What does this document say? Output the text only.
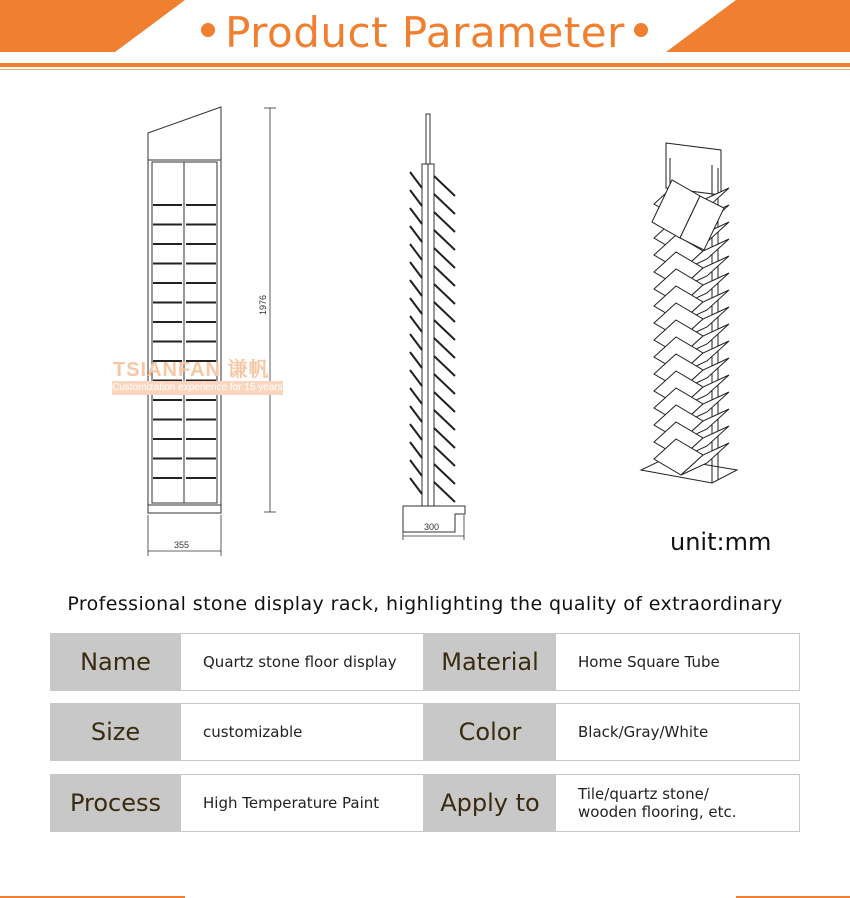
Product Parameter
1976
355
300
unit:mm
TSIANFAN 谦帆
Customization experience for 15 years
Professional stone display rack, highlighting the quality of extraordinary
Name	Quartz stone floor display	Material	Home Square Tube
Size	customizable	Color	Black/Gray/White
Process	High Temperature Paint	Apply to	Tile/quartz stone/
wooden flooring, etc.
